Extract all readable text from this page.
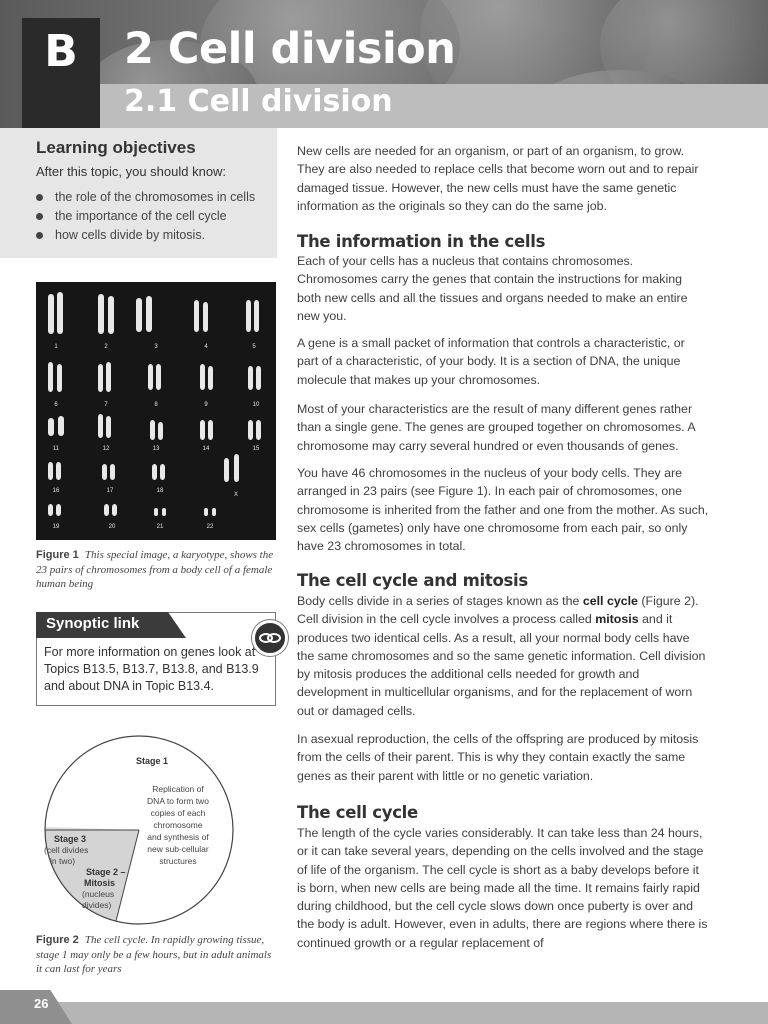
B	2 Cell division
2.1 Cell division
Learning objectives
After this topic, you should know:
the role of the chromosomes in cells
the importance of the cell cycle
how cells divide by mitosis.
1	2	3	4	5
6	7	8	9	10
11	12	13	14	15
16	17	18
X
19	20	21	22
Figure 1 This special image, a karyotype, shows the 23 pairs of chromosomes from a body cell of a female human being
Synoptic link
For more information on genes look at Topics B13.5, B13.7, B13.8, and B13.9 and about DNA in Topic B13.4.
Stage 1
Replication of
DNA to form two
copies of each
chromosome
and synthesis of
new sub-cellular
structures
Stage 3
(cell divides
in two)
Stage 2 –
Mitosis
(nucleus
divides)
Figure 2 The cell cycle. In rapidly growing tissue, stage 1 may only be a few hours, but in adult animals it can last for years

New cells are needed for an organism, or part of an organism, to grow. They are also needed to replace cells that become worn out and to repair damaged tissue. However, the new cells must have the same genetic information as the originals so they can do the same job.

The information in the cells

Each of your cells has a nucleus that contains chromosomes. Chromosomes carry the genes that contain the instructions for making both new cells and all the tissues and organs needed to make an entire new you.

A gene is a small packet of information that controls a characteristic, or part of a characteristic, of your body. It is a section of DNA, the unique molecule that makes up your chromosomes.

Most of your characteristics are the result of many different genes rather than a single gene. The genes are grouped together on chromosomes. A chromosome may carry several hundred or even thousands of genes.

You have 46 chromosomes in the nucleus of your body cells. They are arranged in 23 pairs (see Figure 1). In each pair of chromosomes, one chromosome is inherited from the father and one from the mother. As such, sex cells (gametes) only have one chromosome from each pair, so only have 23 chromosomes in total.

The cell cycle and mitosis

Body cells divide in a series of stages known as the cell cycle (Figure 2). Cell division in the cell cycle involves a process called mitosis and it produces two identical cells. As a result, all your normal body cells have the same chromosomes and so the same genetic information. Cell division by mitosis produces the additional cells needed for growth and development in multicellular organisms, and for the replacement of worn out or damaged cells.

In asexual reproduction, the cells of the offspring are produced by mitosis from the cells of their parent. This is why they contain exactly the same genes as their parent with little or no genetic variation.

The cell cycle

The length of the cycle varies considerably. It can take less than 24 hours, or it can take several years, depending on the cells involved and the stage of life of the organism. The cell cycle is short as a baby develops before it is born, when new cells are being made all the time. It remains fairly rapid during childhood, but the cell cycle slows down once puberty is over and the body is adult. However, even in adults, there are regions where there is continued growth or a regular replacement of

26
